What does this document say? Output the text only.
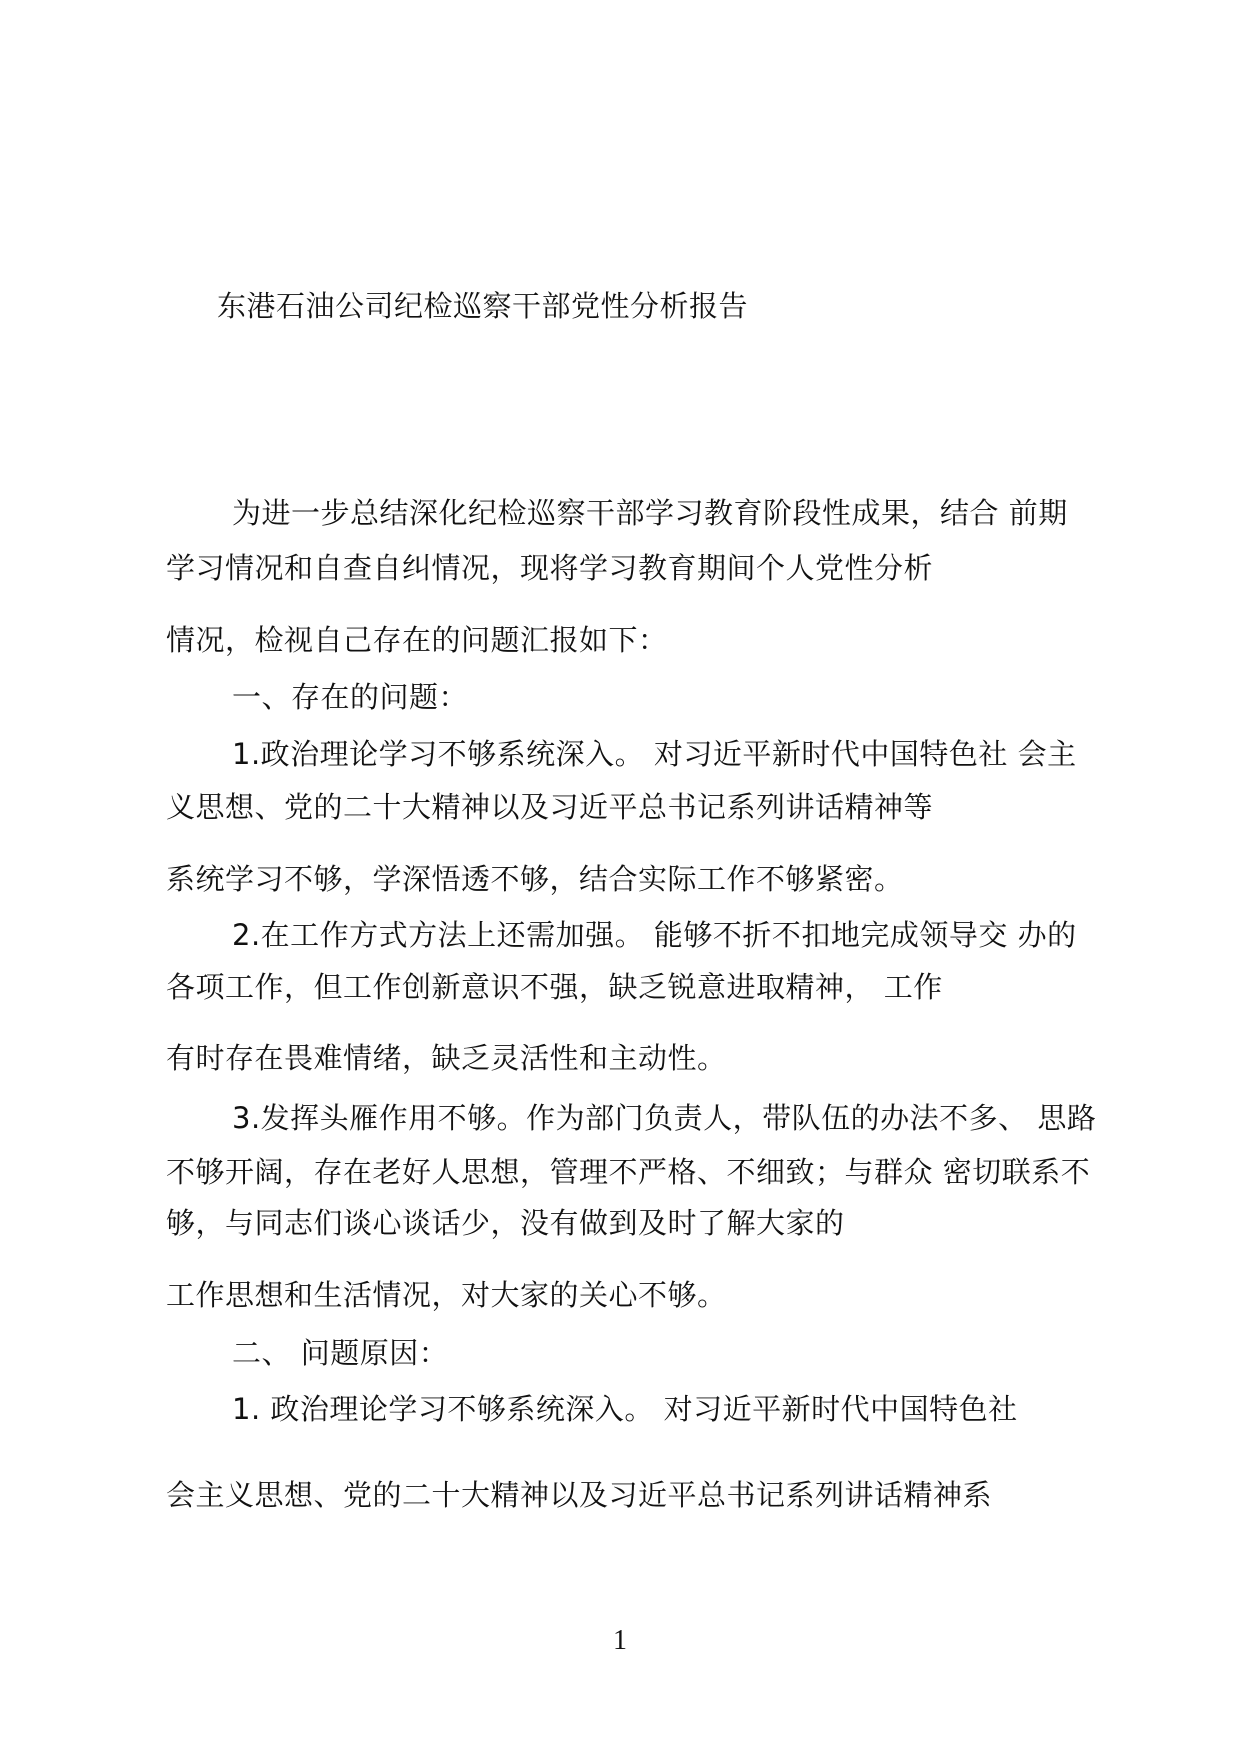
东港石油公司纪检巡察干部党性分析报告
为进一步总结深化纪检巡察干部学习教育阶段性成果，结合 前期
学习情况和自查自纠情况，现将学习教育期间个人党性分析
情况，检视自己存在的问题汇报如下：
一、存在的问题：
1.政治理论学习不够系统深入。 对习近平新时代中国特色社 会主
义思想、党的二十大精神以及习近平总书记系列讲话精神等
系统学习不够，学深悟透不够，结合实际工作不够紧密。
2.在工作方式方法上还需加强。 能够不折不扣地完成领导交 办的
各项工作，但工作创新意识不强，缺乏锐意进取精神， 工作
有时存在畏难情绪，缺乏灵活性和主动性。
3.发挥头雁作用不够。作为部门负责人，带队伍的办法不多、 思路
不够开阔，存在老好人思想，管理不严格、不细致；与群众 密切联系不
够，与同志们谈心谈话少，没有做到及时了解大家的
工作思想和生活情况，对大家的关心不够。
二、 问题原因：
1. 政治理论学习不够系统深入。 对习近平新时代中国特色社
会主义思想、党的二十大精神以及习近平总书记系列讲话精神系
1
